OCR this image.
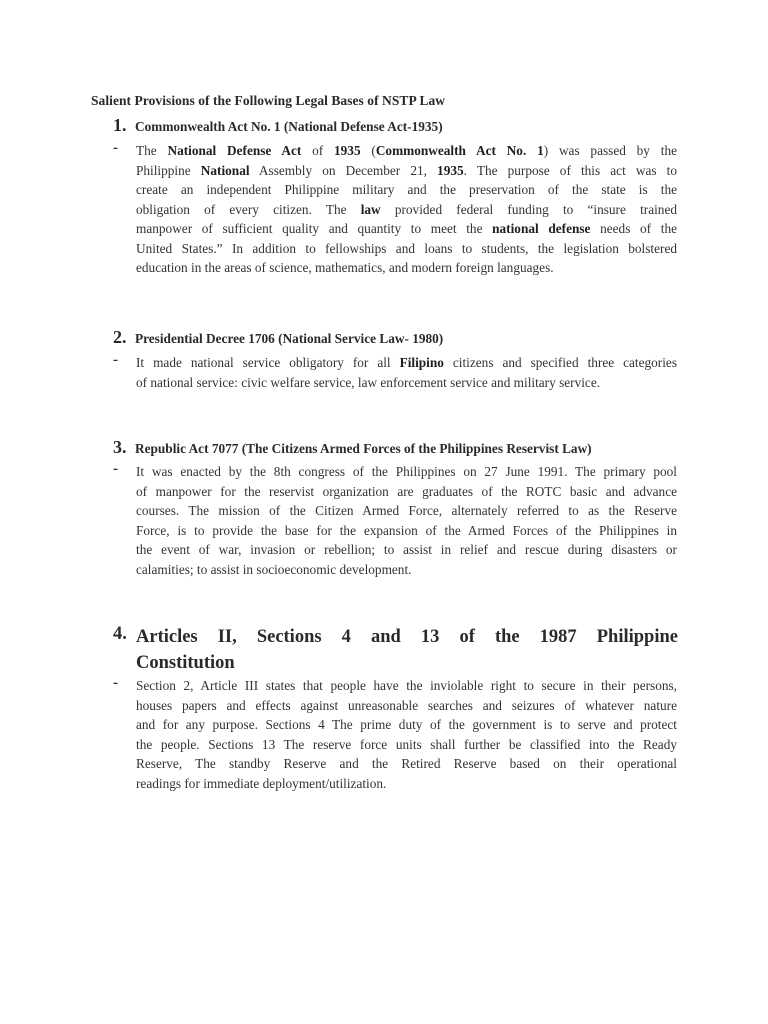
Salient Provisions of the Following Legal Bases of NSTP Law
1. Commonwealth Act No. 1 (National Defense Act-1935)
- The National Defense Act of 1935 (Commonwealth Act No. 1) was passed by the
Philippine National Assembly on December 21, 1935. The purpose of this act was to
create an independent Philippine military and the preservation of the state is the
obligation of every citizen. The law provided federal funding to “insure trained
manpower of sufficient quality and quantity to meet the national defense needs of the
United States.” In addition to fellowships and loans to students, the legislation bolstered
education in the areas of science, mathematics, and modern foreign languages.
2. Presidential Decree 1706 (National Service Law- 1980)
- It made national service obligatory for all Filipino citizens and specified three categories
of national service: civic welfare service, law enforcement service and military service.
3. Republic Act 7077 (The Citizens Armed Forces of the Philippines Reservist Law)
- It was enacted by the 8th congress of the Philippines on 27 June 1991. The primary pool
of manpower for the reservist organization are graduates of the ROTC basic and advance
courses. The mission of the Citizen Armed Force, alternately referred to as the Reserve
Force, is to provide the base for the expansion of the Armed Forces of the Philippines in
the event of war, invasion or rebellion; to assist in relief and rescue during disasters or
calamities; to assist in socioeconomic development.
4. Articles II, Sections 4 and 13 of the 1987 Philippine
Constitution
- Section 2, Article III states that people have the inviolable right to secure in their persons,
houses papers and effects against unreasonable searches and seizures of whatever nature
and for any purpose. Sections 4 The prime duty of the government is to serve and protect
the people. Sections 13 The reserve force units shall further be classified into the Ready
Reserve, The standby Reserve and the Retired Reserve based on their operational
readings for immediate deployment/utilization.
